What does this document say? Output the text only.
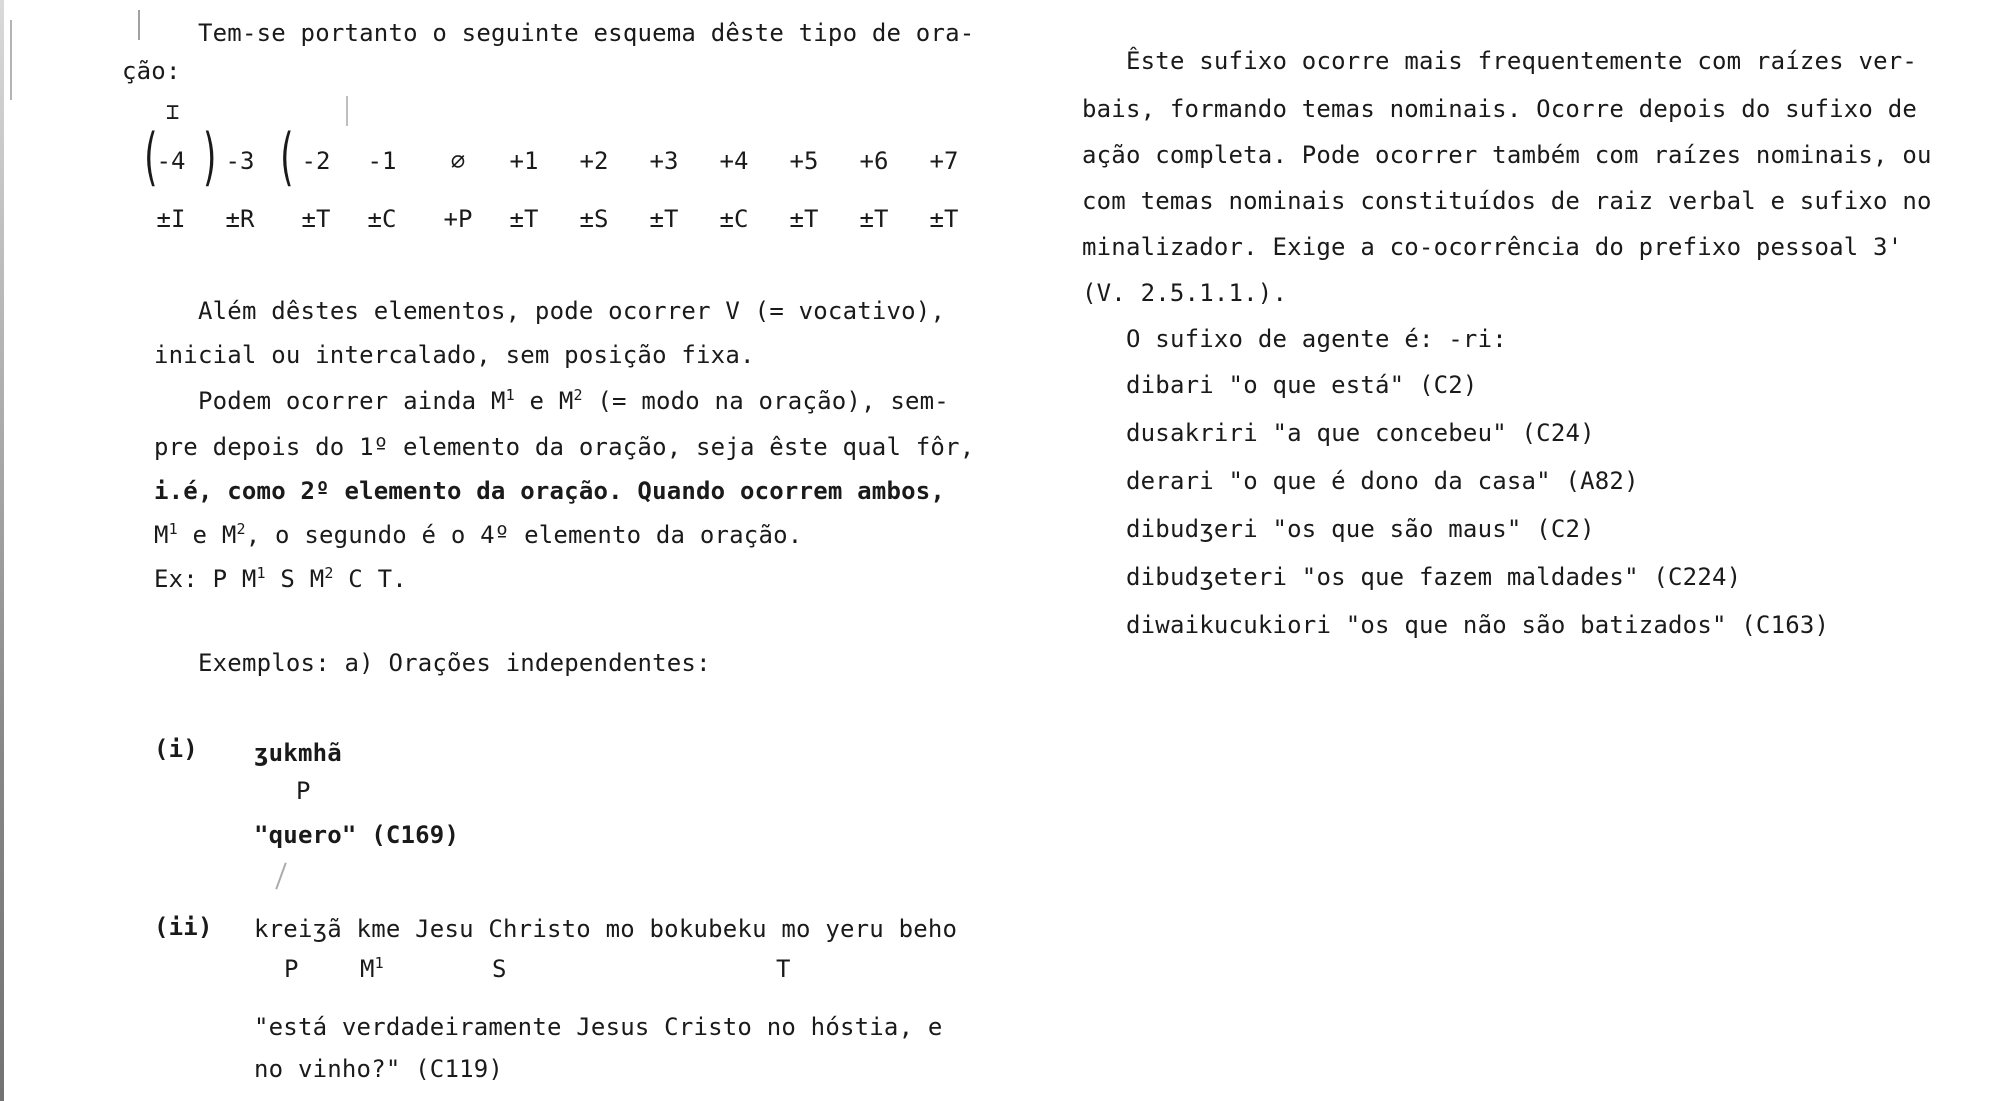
Tem-se portanto o seguinte esquema dêste tipo de ora-
ção:
⌶
( ) (
-4	-3	-2	-1	∅	+1	+2	+3	+4	+5	+6	+7
±I	±R	±T	±C	+P	±T	±S	±T	±C	±T	±T	±T
Além dêstes elementos, pode ocorrer V (= vocativo),
inicial ou intercalado, sem posição fixa.
Podem ocorrer ainda $M^1$ e $M^2$ (= modo na oração), sem-
pre depois do 1º elemento da oração, seja êste qual fôr,
i.é, como 2º elemento da oração. Quando ocorrem ambos,
$M^1$ e $M^2$, o segundo é o 4º elemento da oração.
Ex: P $M^1$ S $M^2$ C T.
Exemplos: a) Orações independentes:
(i) ʒukmhã
P
"quero" (C169)
(ii) kreiʒã kme Jesu Christo mo bokubeku mo yeru beho
P	$M^1$	S	T
"está verdadeiramente Jesus Cristo no hóstia, e
no vinho?" (C119)
Êste sufixo ocorre mais frequentemente com raízes ver-
bais, formando temas nominais. Ocorre depois do sufixo de
ação completa. Pode ocorrer também com raízes nominais, ou
com temas nominais constituídos de raiz verbal e sufixo no
minalizador. Exige a co-ocorrência do prefixo pessoal 3'
(V. 2.5.1.1.).
O sufixo de agente é: -ri:
dibari "o que está" (C2)
dusakriri "a que concebeu" (C24)
derari "o que é dono da casa" (A82)
dibudʒeri "os que são maus" (C2)
dibudʒeteri "os que fazem maldades" (C224)
diwaikucukiori "os que não são batizados" (C163)
